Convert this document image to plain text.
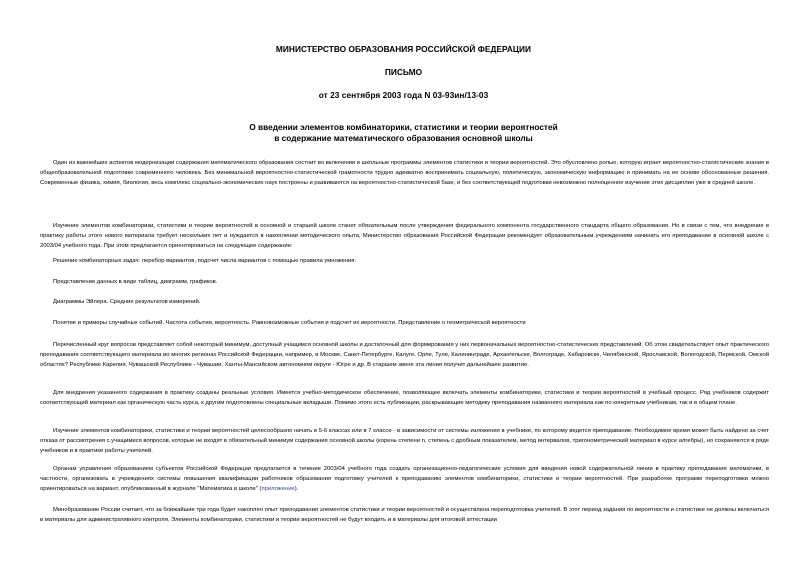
МИНИСТЕРСТВО ОБРАЗОВАНИЯ РОССИЙСКОЙ ФЕДЕРАЦИИ
ПИСЬМО
от 23 сентября 2003 года N 03-93ин/13-03
О введении элементов комбинаторики, статистики и теории вероятностей
в содержание математического образования основной школы

Один из важнейших аспектов модернизации содержания математического образования состоит во включении в школьные программы элементов статистики и теории вероятностей. Это обусловлено ролью, которую играет вероятностно-статистические знания в общеобразовательной подготовке современного человека. Без минимальной вероятностно-статистической грамотности трудно адекватно воспринимать социальную, политическую, экономическую информацию и принимать на ее основе обоснованные решения. Современные физика, химия, биология, весь комплекс социально-экономических наук построены и развиваются на вероятностно-статистической базе, и без соответствующей подготовки невозможно полноценное изучение этих дисциплин уже в средней школе.

Изучение элементов комбинаторики, статистики и теории вероятностей в основной и старшей школе станет обязательным после утверждения федерального компонента государственного стандарта общего образования. Но в связи с тем, что внедрение в практику работы этого нового материала требует нескольких лет и нуждается в накоплении методического опыта, Министерство образования Российской Федерации рекомендует образовательным учреждениям начинать его преподавание в основной школе с 2003/04 учебного года. При этом предлагается ориентироваться на следующее содержание:

Решение комбинаторных задач: перебор вариантов, подсчет числа вариантов с помощью правила умножения.

Представление данных в виде таблиц, диаграмм, графиков.

Диаграммы Эйлера. Средние результатов измерений.

Понятие и примеры случайных событий. Частота события, вероятность. Равновозможные события и подсчет их вероятности. Представление о геометрической вероятности

Перечисленный круг вопросов представляет собой некоторый минимум, доступный учащимся основной школы и достаточный для формирования у них первоначальных вероятностно-статистических представлений. Об этом свидетельствует опыт практического преподавания соответствующего материала во многих регионах Российской Федерации, например, в Москве, Санкт-Петербурге, Калуге, Орле, Туле, Калининграде, Архангельске, Волгограде, Хабаровске, Челябинской, Ярославской, Вологодской, Пермской, Омской областях? Республике Карелия, Чувашской Республике - Чувашии, Ханты-Мансийском автономном округе - Югре и др. В старшем звене эта линия получит дальнейшее развитие.

Для внедрения указанного содержания в практику созданы реальные условия. Имеется учебно-методическое обеспечение, позволяющее включать элементы комбинаторики, статистики и теории вероятностей в учебный процесс. Ряд учебников содержит соответствующий материал как органическую часть курса, к другим подготовлены специальные вкладыши. Помимо этого есть публикации, раскрывающие методику преподавания названного материала как по конкретным учебникам, так и в общем плане.

Изучение элементов комбинаторики, статистики и теории вероятностей целесообразно начать в 5-6 классах или в 7 классе - в зависимости от системы изложения в учебнике, по которому ведется преподавание. Необходимое время может быть найдено за счет отказа от рассмотрения с учащимися вопросов, которые не входят в обязательный минимум содержания основной школы (корень степени n, степень с дробным показателем, метод интервалов, тригонометрический материал в курсе алгебры), но сохраняются в ряде учебников и в практике работы учителей.

Органам управления образованием субъектов Российской Федерации предлагается в течение 2003/04 учебного года создать организационно-педагогические условия для введения новой содержательной линии в практику преподавания математики, в частности, организовать в учреждениях системы повышения квалификации работников образования подготовку учителей к преподаванию элементов комбинаторики, статистики и теории вероятностей. При разработке программ переподготовки можно ориентироваться на вариант, опубликованный в журнале "Математика в школе" (приложение).

Минобразование России считает, что за ближайшие три года будет накоплен опыт преподавания элементов статистики и теории вероятностей и осуществлена переподготовка учителей. В этот период задания по вероятности и статистике не должны включаться в материалы для административного контроля. Элементы комбинаторики, статистики и теории вероятностей не будут входить и в материалы для итоговой аттестации
